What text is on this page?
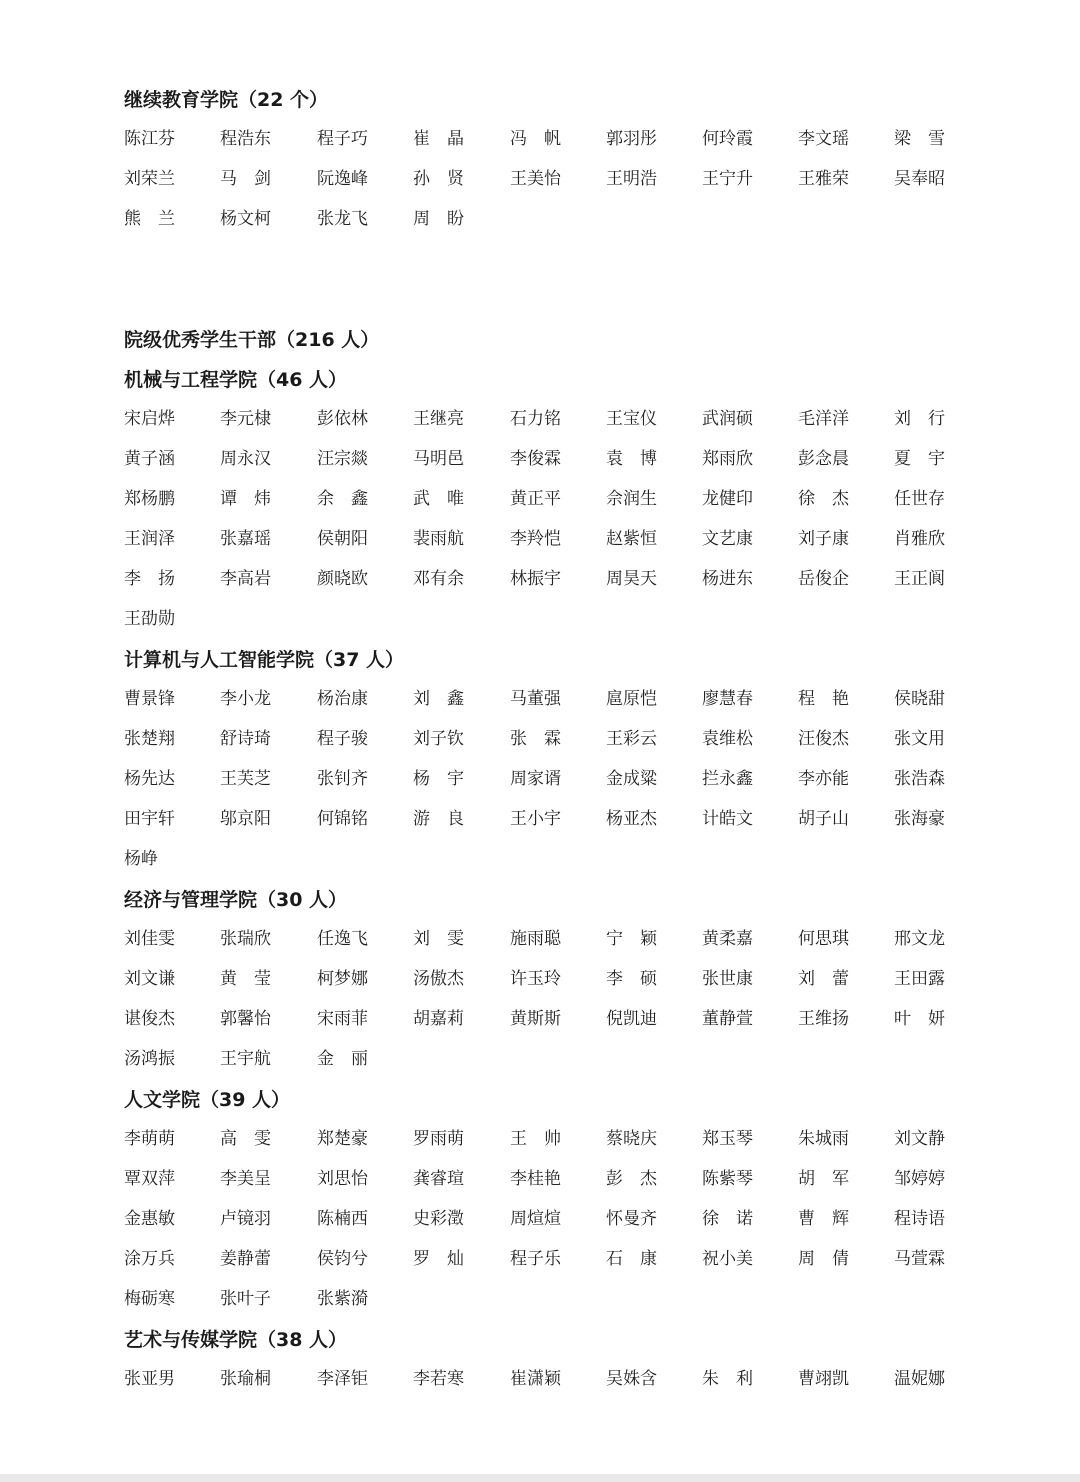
继续教育学院（22 个）
陈江芬	程浩东	程子巧	崔　晶	冯　帆	郭羽彤	何玲霞	李文瑶	梁　雪
刘荣兰	马　剑	阮逸峰	孙　贤	王美怡	王明浩	王宁升	王雅荣	吴奉昭
熊　兰	杨文柯	张龙飞	周　盼
院级优秀学生干部（216 人）
机械与工程学院（46 人）
宋启烨	李元棣	彭依林	王继亮	石力铭	王宝仪	武润硕	毛洋洋	刘　行
黄子涵	周永汉	汪宗燚	马明邑	李俊霖	袁　博	郑雨欣	彭念晨	夏　宇
郑杨鹏	谭　炜	余　鑫	武　唯	黄正平	佘润生	龙健印	徐　杰	任世存
王润泽	张嘉瑶	侯朝阳	裴雨航	李羚恺	赵紫恒	文艺康	刘子康	肖雅欣
李　扬	李高岩	颜晓欧	邓有余	林振宇	周昊天	杨进东	岳俊企	王正阆
王劭勋
计算机与人工智能学院（37 人）
曹景锋	李小龙	杨治康	刘　鑫	马董强	扈原恺	廖慧春	程　艳	侯晓甜
张楚翔	舒诗琦	程子骏	刘子钦	张　霖	王彩云	袁维松	汪俊杰	张文用
杨先达	王芙芝	张钊齐	杨　宇	周家谞	金成粱	拦永鑫	李亦能	张浩森
田宇轩	邬京阳	何锦铭	游　良	王小宇	杨亚杰	计皓文	胡子山	张海豪
杨峥
经济与管理学院（30 人）
刘佳雯	张瑞欣	任逸飞	刘　雯	施雨聪	宁　颖	黄柔嘉	何思琪	邢文龙
刘文谦	黄　莹	柯梦娜	汤傲杰	许玉玲	李　硕	张世康	刘　蕾	王田露
谌俊杰	郭馨怡	宋雨菲	胡嘉莉	黄斯斯	倪凯迪	董静萱	王维扬	叶　妍
汤鸿振	王宇航	金　丽
人文学院（39 人）
李萌萌	高　雯	郑楚豪	罗雨萌	王　帅	蔡晓庆	郑玉琴	朱城雨	刘文静
覃双萍	李美呈	刘思怡	龚睿瑄	李桂艳	彭　杰	陈紫琴	胡　军	邹婷婷
金惠敏	卢镜羽	陈楠西	史彩澂	周煊煊	怀曼齐	徐　诺	曹　辉	程诗语
涂万兵	姜静蕾	侯钧兮	罗　灿	程子乐	石　康	祝小美	周　倩	马萱霖
梅砺寒	张叶子	张紫漪
艺术与传媒学院（38 人）
张亚男	张瑜桐	李泽钜	李若寒	崔潇颖	吴姝含	朱　利	曹翊凯	温妮娜
